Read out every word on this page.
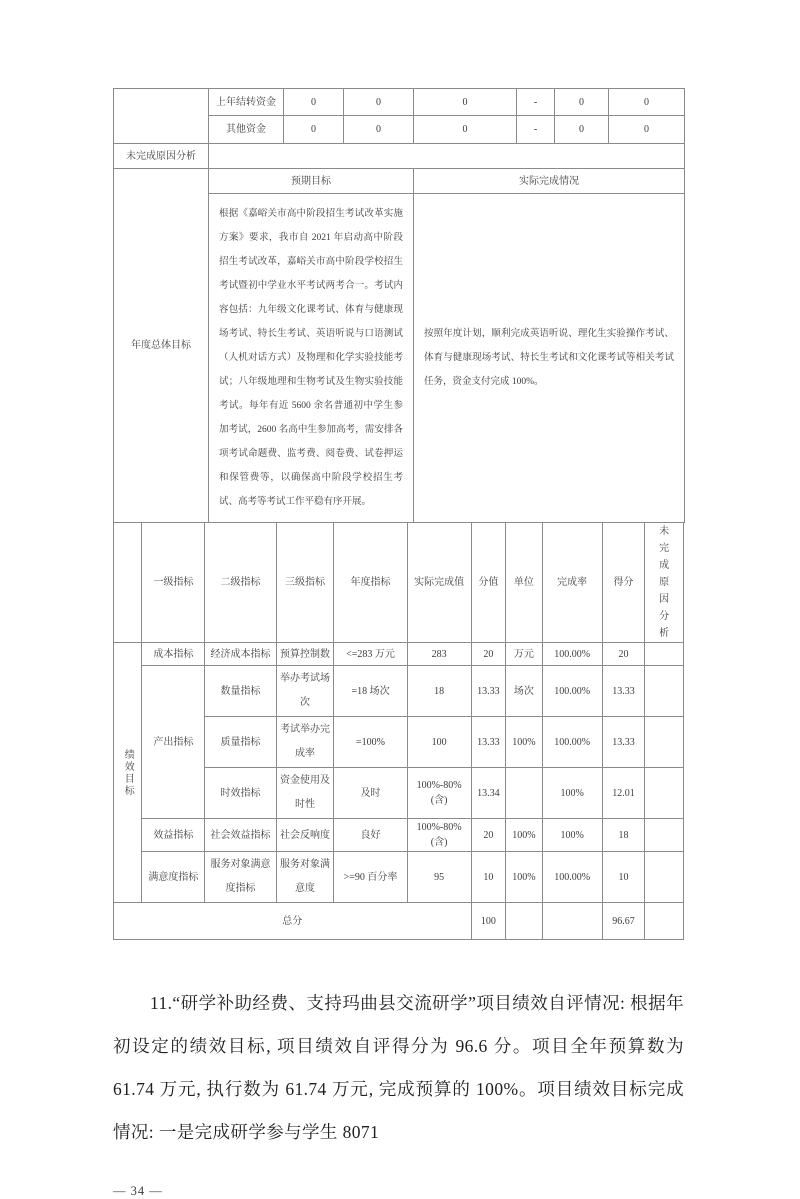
	上年结转资金	0	0	0	-	0	0
	其他资金	0	0	0	-	0	0
未完成原因分析							
年度总体目标	预期目标			实际完成情况			
	根据《嘉峪关市高中阶段招生考试改革实施方案》要求，我市自 2021 年启动高中阶段招生考试改革，嘉峪关市高中阶段学校招生考试暨初中学业水平考试两考合一。考试内容包括：九年级文化课考试、体育与健康现场考试、特长生考试、英语听说与口语测试（人机对话方式）及物理和化学实验技能考试；八年级地理和生物考试及生物实验技能考试。每年有近 5600 余名普通初中学生参加考试，2600 名高中生参加高考，需安排各项考试命题费、监考费、阅卷费、试卷押运和保管费等，以确保高中阶段学校招生考试、高考等考试工作平稳有序开展。			按照年度计划，顺利完成英语听说、理化生实验操作考试、体育与健康现场考试、特长生考试和文化课考试等相关考试任务，资金支付完成 100%。			
	一级指标	二级指标	三级指标	年度指标	实际完成值	分值	单位	完成率	得分	未完成原因分析

绩效目标	成本指标	经济成本指标	预算控制数	<=283 万元	283	20	万元	100.00%	20	
	产出指标	数量指标	举办考试场次	=18 场次	18	13.33	场次	100.00%	13.33	
		质量指标	考试举办完成率	=100%	100	13.33	100%	100.00%	13.33	
		时效指标	资金使用及时性	及时	100%-80%(含)	13.34		100%	12.01	
	效益指标	社会效益指标	社会反响度	良好	100%-80%(含)	20	100%	100%	18	
	满意度指标	服务对象满意度指标	服务对象满意度	>=90 百分率	95	10	100%	100.00%	10	
总分						100			96.67	

11.“研学补助经费、支持玛曲县交流研学”项目绩效自评情况: 根据年初设定的绩效目标, 项目绩效自评得分为 96.6 分。项目全年预算数为 61.74 万元, 执行数为 61.74 万元, 完成预算的 100%。项目绩效目标完成情况: 一是完成研学参与学生 8071

— 34 —
